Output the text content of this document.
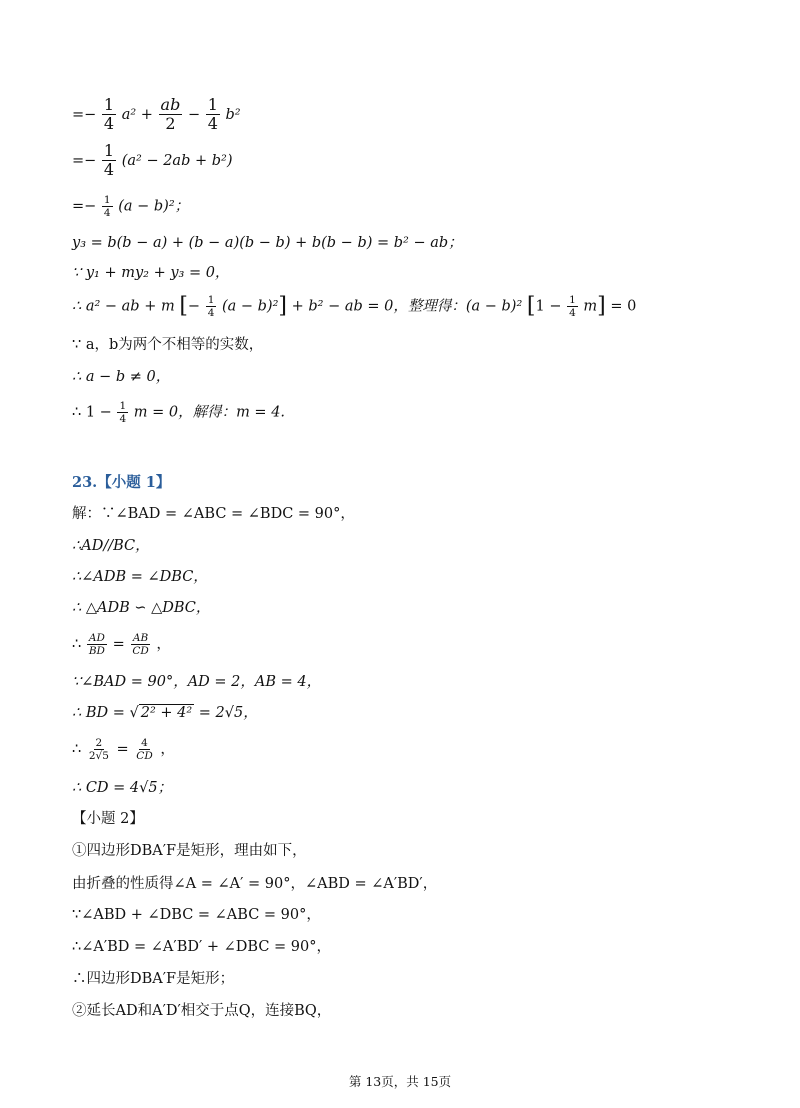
=− $\frac{1}{4} a^2 + \frac{ab}{2} - \frac{1}{4} b^2$
=− $\frac{1}{4} (a^2 - 2ab + b^2)$
=− $\frac{1}{4} (a - b)^2$；
y₃ = b(b − a) + (b − a)(b − b) + b(b − b) = b² − ab；
∵ y₁ + my₂ + y₃ = 0，
∴ a² − ab + m [− $\frac{1}{4} (a - b)^2] + b^2$ − ab = 0，整理得：(a − b)² $[1 - \frac{1}{4} m] = 0$
∵ a，b为两个不相等的实数，
∴ a − b ≠ 0，
∴ $1 - \frac{1}{4}$ m = 0，解得：m = 4.
23.【小题 1】
解：∵∠BAD = ∠ABC = ∠BDC = 90°，
∴AD//BC，
∴∠ADB = ∠DBC，
∴ △ADB ∽ △DBC，
∴ $\frac{AD}{BD} = \frac{AB}{CD}$ ，
∵∠BAD = 90°，AD = 2，AB = 4，
∴ BD = √ 2² + 4² = 2√5，
∴ $\frac{2}{2√5} = \frac{4}{CD}$ ，
∴ CD = 4√5；
【小题 2】
①四边形DBA′F是矩形，理由如下，
由折叠的性质得∠A = ∠A′ = 90°，∠ABD = ∠A′BD′，
∵∠ABD + ∠DBC = ∠ABC = 90°，
∴∠A′BD = ∠A′BD′ + ∠DBC = 90°，
∴四边形DBA′F是矩形；
②延长AD和A′D′相交于点Q，连接BQ，
第 13页，共 15页
